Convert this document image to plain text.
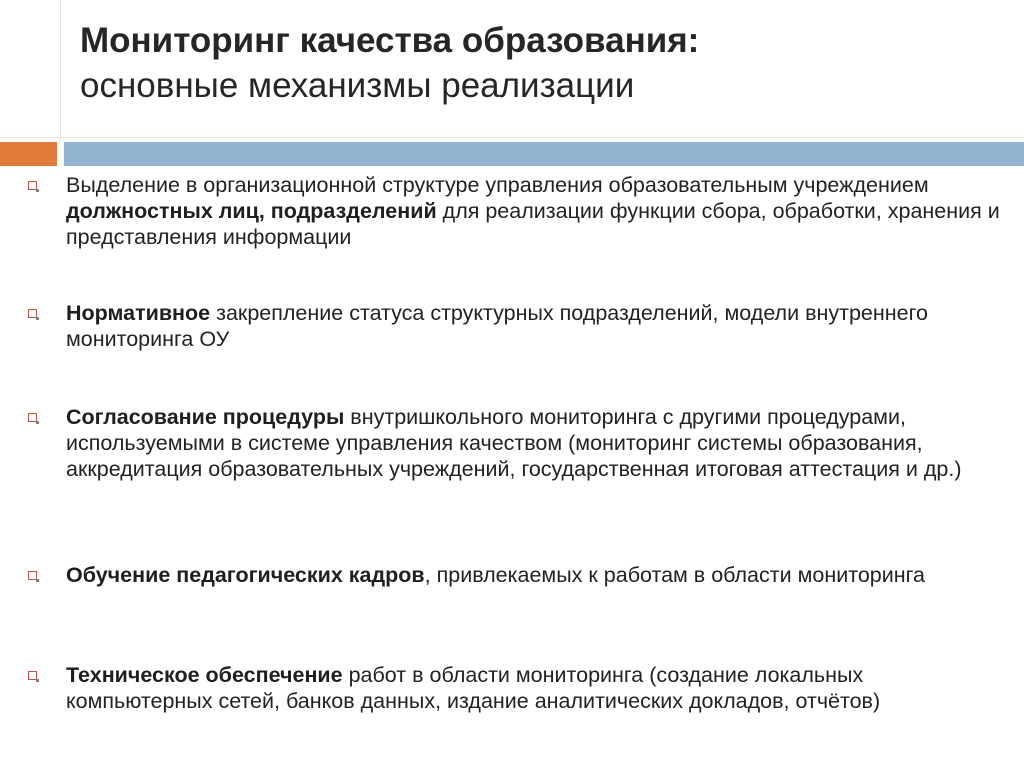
Мониторинг качества образования:
основные механизмы реализации
Выделение в организационной структуре управления образовательным учреждением должностных лиц, подразделений для реализации функции сбора, обработки, хранения и представления информации
Нормативное закрепление статуса структурных подразделений, модели внутреннего мониторинга ОУ
Согласование процедуры внутришкольного мониторинга с другими процедурами, используемыми в системе управления качеством (мониторинг системы образования, аккредитация образовательных учреждений, государственная итоговая аттестация и др.)
Обучение педагогических кадров, привлекаемых к работам в области мониторинга
Техническое обеспечение работ в области мониторинга (создание локальных компьютерных сетей, банков данных, издание аналитических докладов, отчётов)
